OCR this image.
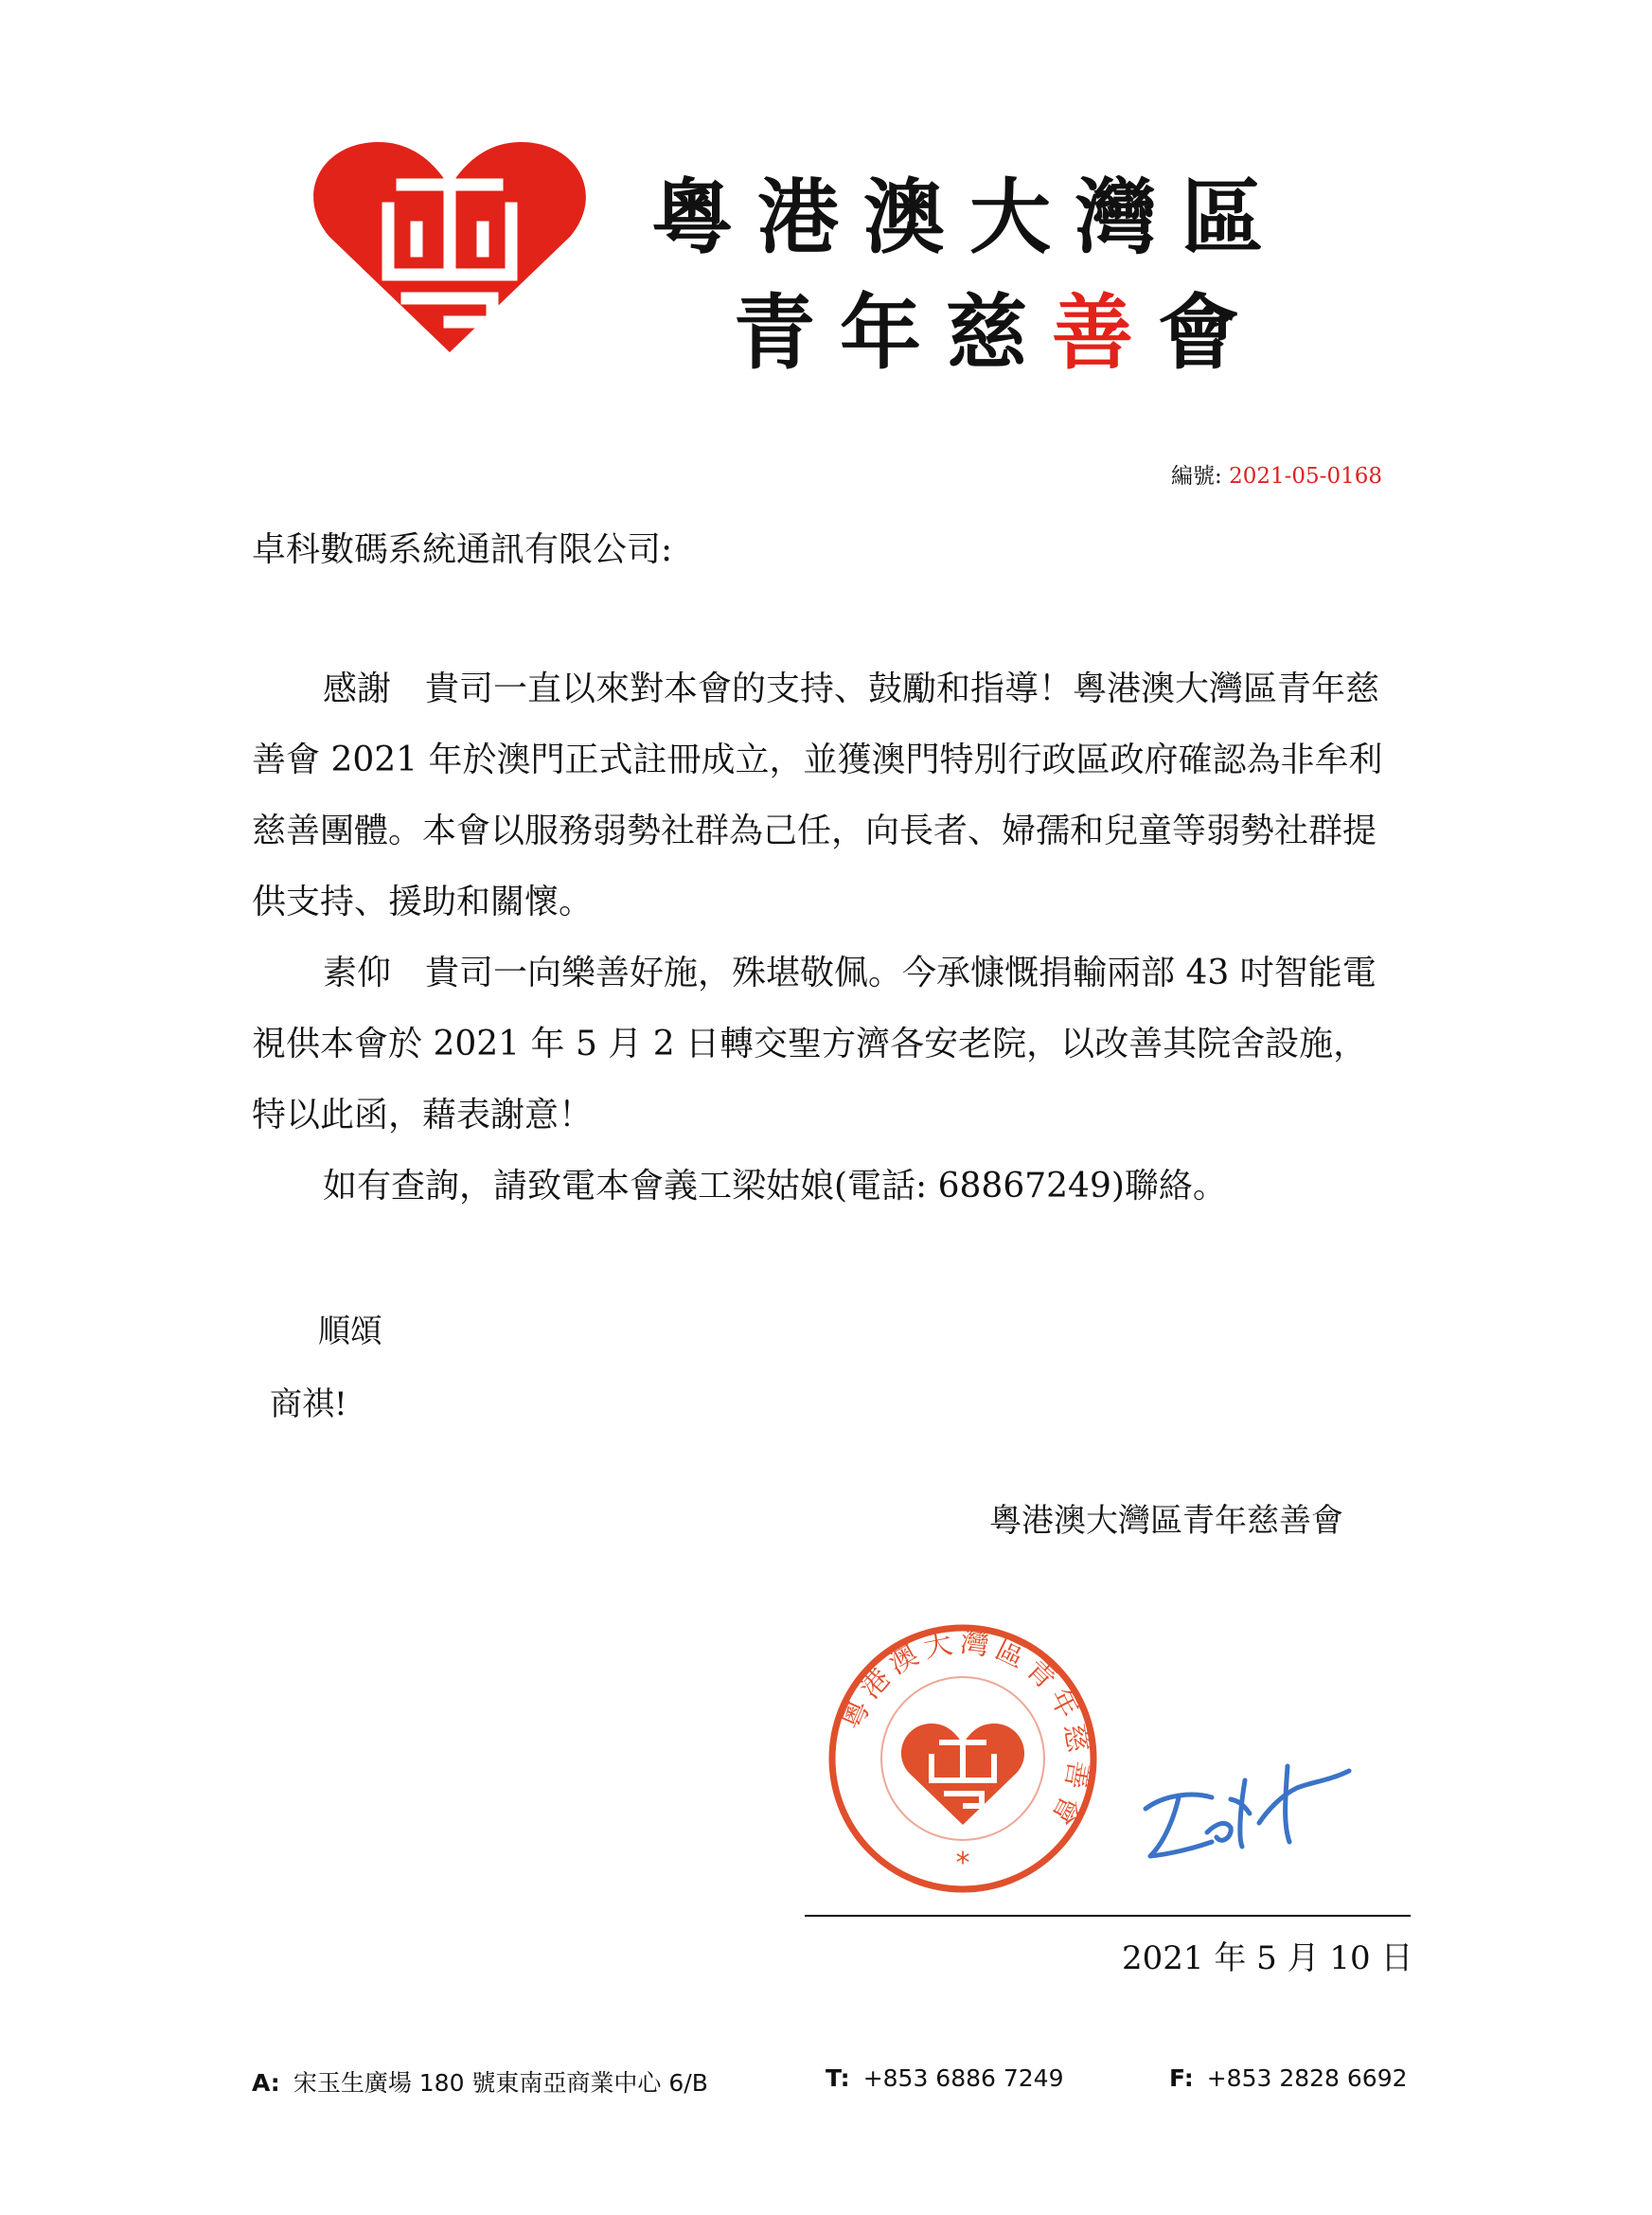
粵港澳大灣區
青年慈善會
編號: 2021-05-0168
卓科數碼系統通訊有限公司:

感謝　貴司一直以來對本會的支持、鼓勵和指導！粵港澳大灣區青年慈善會 2021 年於澳門正式註冊成立，並獲澳門特別行政區政府確認為非牟利慈善團體。本會以服務弱勢社群為己任，向長者、婦孺和兒童等弱勢社群提供支持、援助和關懷。

素仰　貴司一向樂善好施，殊堪敬佩。今承慷慨捐輸兩部 43 吋智能電視供本會於 2021 年 5 月 2 日轉交聖方濟各安老院，以改善其院舍設施，特以此函，藉表謝意！

如有查詢，請致電本會義工梁姑娘(電話: 68867249)聯絡。

順頌
商祺!
粵港澳大灣區青年慈善會
粵港澳大灣區青年慈善會
*
2021 年 5 月 10 日
A: 宋玉生廣場 180 號東南亞商業中心 6/B	T: +853 6886 7249	F: +853 2828 6692
